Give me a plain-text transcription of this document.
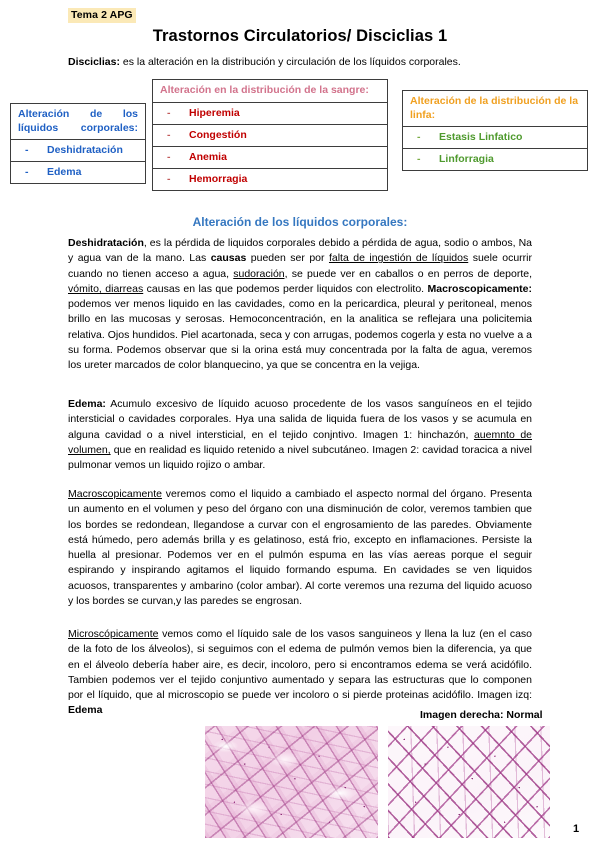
Tema 2 APG
Trastornos Circulatorios/ Disciclias 1
Disciclias: es la alteración en la distribución y circulación de los líquidos corporales.
Alteración de los líquidos corporales:
- Deshidratación
- Edema
Alteración en la distribución de la sangre:
- Hiperemia
- Congestión
- Anemia
- Hemorragia
Alteración de la distribución de la linfa:
- Estasis Linfatico
- Linforragia
Alteración de los líquidos corporales:
Deshidratación, es la pérdida de liquidos corporales debido a pérdida de agua, sodio o ambos, Na y agua van de la mano. Las causas pueden ser por falta de ingestión de líquidos suele ocurrir cuando no tienen acceso a agua, sudoración, se puede ver en caballos o en perros de deporte, vómito, diarreas causas en las que podemos perder liquidos con electrolito. Macroscopicamente: podemos ver menos liquido en las cavidades, como en la pericardica, pleural y peritoneal, menos brillo en las mucosas y serosas. Hemoconcentración, en la analitica se reflejara una policitemia relativa. Ojos hundidos. Piel acartonada, seca y con arrugas, podemos cogerla y esta no vuelve a a su forma. Podemos observar que si la orina está muy concentrada por la falta de agua, veremos los ureter marcados de color blanquecino, ya que se concentra en la vejiga.
Edema: Acumulo excesivo de líquido acuoso procedente de los vasos sanguíneos en el tejido intersticial o cavidades corporales. Hya una salida de liquida fuera de los vasos y se acumula en alguna cavidad o a nivel intersticial, en el tejido conjntivo. Imagen 1: hinchazón, auemnto de volumen, que en realidad es liquido retenido a nivel subcutáneo. Imagen 2: cavidad toracica a nivel pulmonar vemos un liquido rojizo o ambar.
Macroscopicamente veremos como el liquido a cambiado el aspecto normal del órgano. Presenta un aumento en el volumen y peso del órgano con una disminución de color, veremos tambien que los bordes se redondean, llegandose a curvar con el engrosamiento de las paredes. Obviamente está húmedo, pero además brilla y es gelatinoso, está frio, excepto en inflamaciones. Persiste la huella al presionar. Podemos ver en el pulmón espuma en las vías aereas porque el seguir espirando y inspirando agitamos el liquido formando espuma. En cavidades se ven liquidos acuosos, transparentes y ambarino (color ambar). Al corte veremos una rezuma del liquido acuoso y los bordes se curvan,y las paredes se engrosan.
Microscópicamente vemos como el líquido sale de los vasos sanguineos y llena la luz (en el caso de la foto de los álveolos), si seguimos con el edema de pulmón vemos bien la diferencia, ya que en el álveolo debería haber aire, es decir, incoloro, pero si encontramos edema se verá acidófilo. Tambien podemos ver el tejido conjuntivo aumentado y separa las estructuras que lo componen por el líquido, que al microscopio se puede ver incoloro o si pierde proteinas acidófilo. Imagen izq: Edema	Imagen derecha: Normal
1
